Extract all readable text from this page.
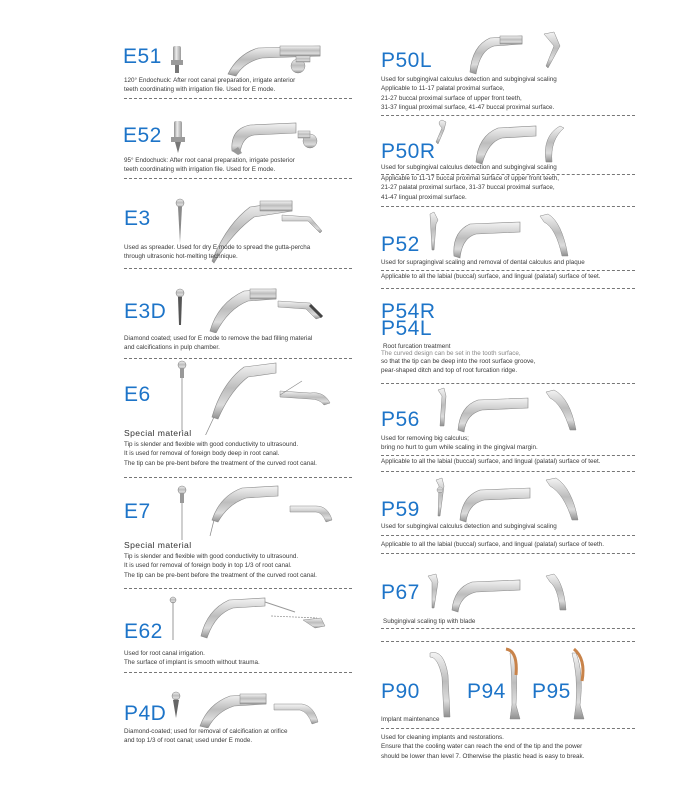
E51
120° Endochuck: After root canal preparation, irrigate anterior
teeth coordinating with irrigation file. Used for E mode.
E52
95° Endochuck: After root canal preparation, irrigate posterior
teeth coordinating with irrigation file. Used for E mode.
E3
Used as spreader. Used for dry E mode to spread the gutta-percha
through ultrasonic hot-melting technique.
E3D
Diamond coated; used for E mode to remove the bad filling material
and calcifications in pulp chamber.
E6
Special material
Tip is slender and flexible with good conductivity to ultrasound.
It is used for removal of foreign body deep in root canal.
The tip can be pre-bent before the treatment of the curved root canal.
E7
Special material
Tip is slender and flexible with good conductivity to ultrasound.
It is used for removal of foreign body in top 1/3 of root canal.
The tip can be pre-bent before the treatment of the curved root canal.
E62
Used for root canal irrigation.
The surface of implant is smooth without trauma.
P4D
Diamond-coated; used for removal of calcification at orifice
and top 1/3 of root canal; used under E mode.
P50L
Used for subgingival calculus detection and subgingival scaling
Applicable to 11-17 palatal proximal surface,
21-27 buccal proximal surface of upper front teeth,
31-37 lingual proximal surface, 41-47 buccal proximal surface.
P50R
Used for subgingival calculus detection and subgingival scaling
Applicable to 11-17 buccal proximal surface of upper front teeth,
21-27 palatal proximal surface, 31-37 buccal proximal surface,
41-47 lingual proximal surface.
P52
Used for supragingival scaling and removal of dental calculus and plaque
Applicable to all the labial (buccal) surface, and lingual (palatal) surface of teet.
P54R
P54L
Root furcation treatment
The curved design can be set in the tooth surface,
so that the tip can be deep into the root surface groove,
pear-shaped ditch and top of root furcation ridge.
P56
Used for removing big calculus;
bring no hurt to gum while scaling in the gingival margin.
Applicable to all the labial (buccal) surface, and lingual (palatal) surface of teet.
P59
Used for subgingival calculus detection and subgingival scaling
Applicable to all the labial (buccal) surface, and lingual (palatal) surface of teeth.
P67
Subgingival scaling tip with blade
P90 P94 P95
Implant maintenance
Used for cleaning implants and restorations.
Ensure that the cooling water can reach the end of the tip and the power
should be lower than level 7. Otherwise the plastic head is easy to break.
